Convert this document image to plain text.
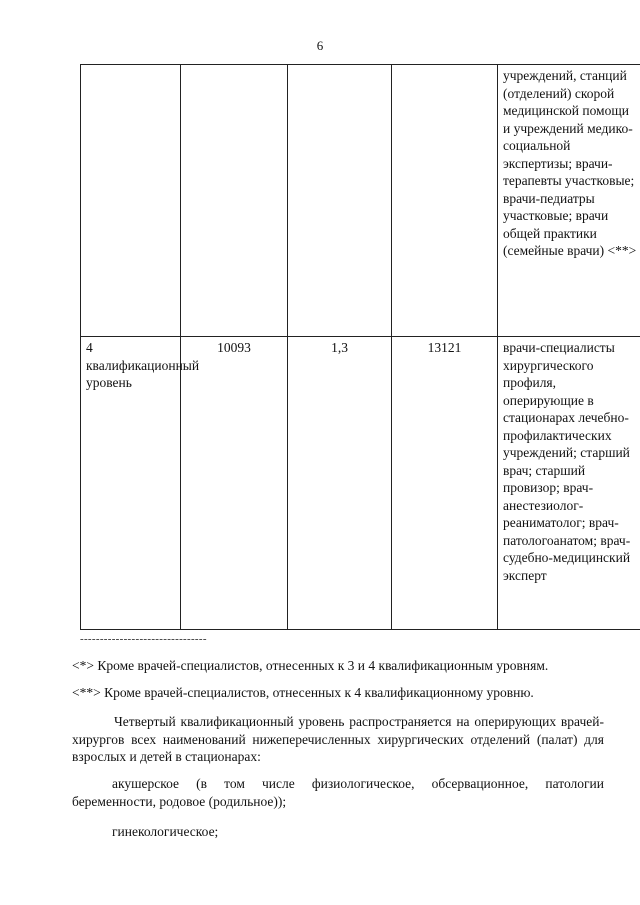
6
				учреждений, станций (отделений) скорой медицинской помощи и учреждений медико-социальной экспертизы; врачи-терапевты участковые; врачи-педиатры участковые; врачи общей практики (семейные врачи) <**>
4 квалификационный уровень	10093	1,3	13121	врачи-специалисты хирургического профиля, оперирующие в стационарах лечебно-профилактических учреждений; старший врач; старший провизор; врач-анестезиолог-реаниматолог; врач-патологоанатом; врач-судебно-медицинский эксперт
--------------------------------
<*> Кроме врачей-специалистов, отнесенных к 3 и 4 квалификационным уровням.
<**> Кроме врачей-специалистов, отнесенных к 4 квалификационному уровню.
Четвертый квалификационный уровень распространяется на оперирующих врачей-хирургов всех наименований нижеперечисленных хирургических отделений (палат) для взрослых и детей в стационарах:
акушерское (в том числе физиологическое, обсервационное, патологии беременности, родовое (родильное));
гинекологическое;
